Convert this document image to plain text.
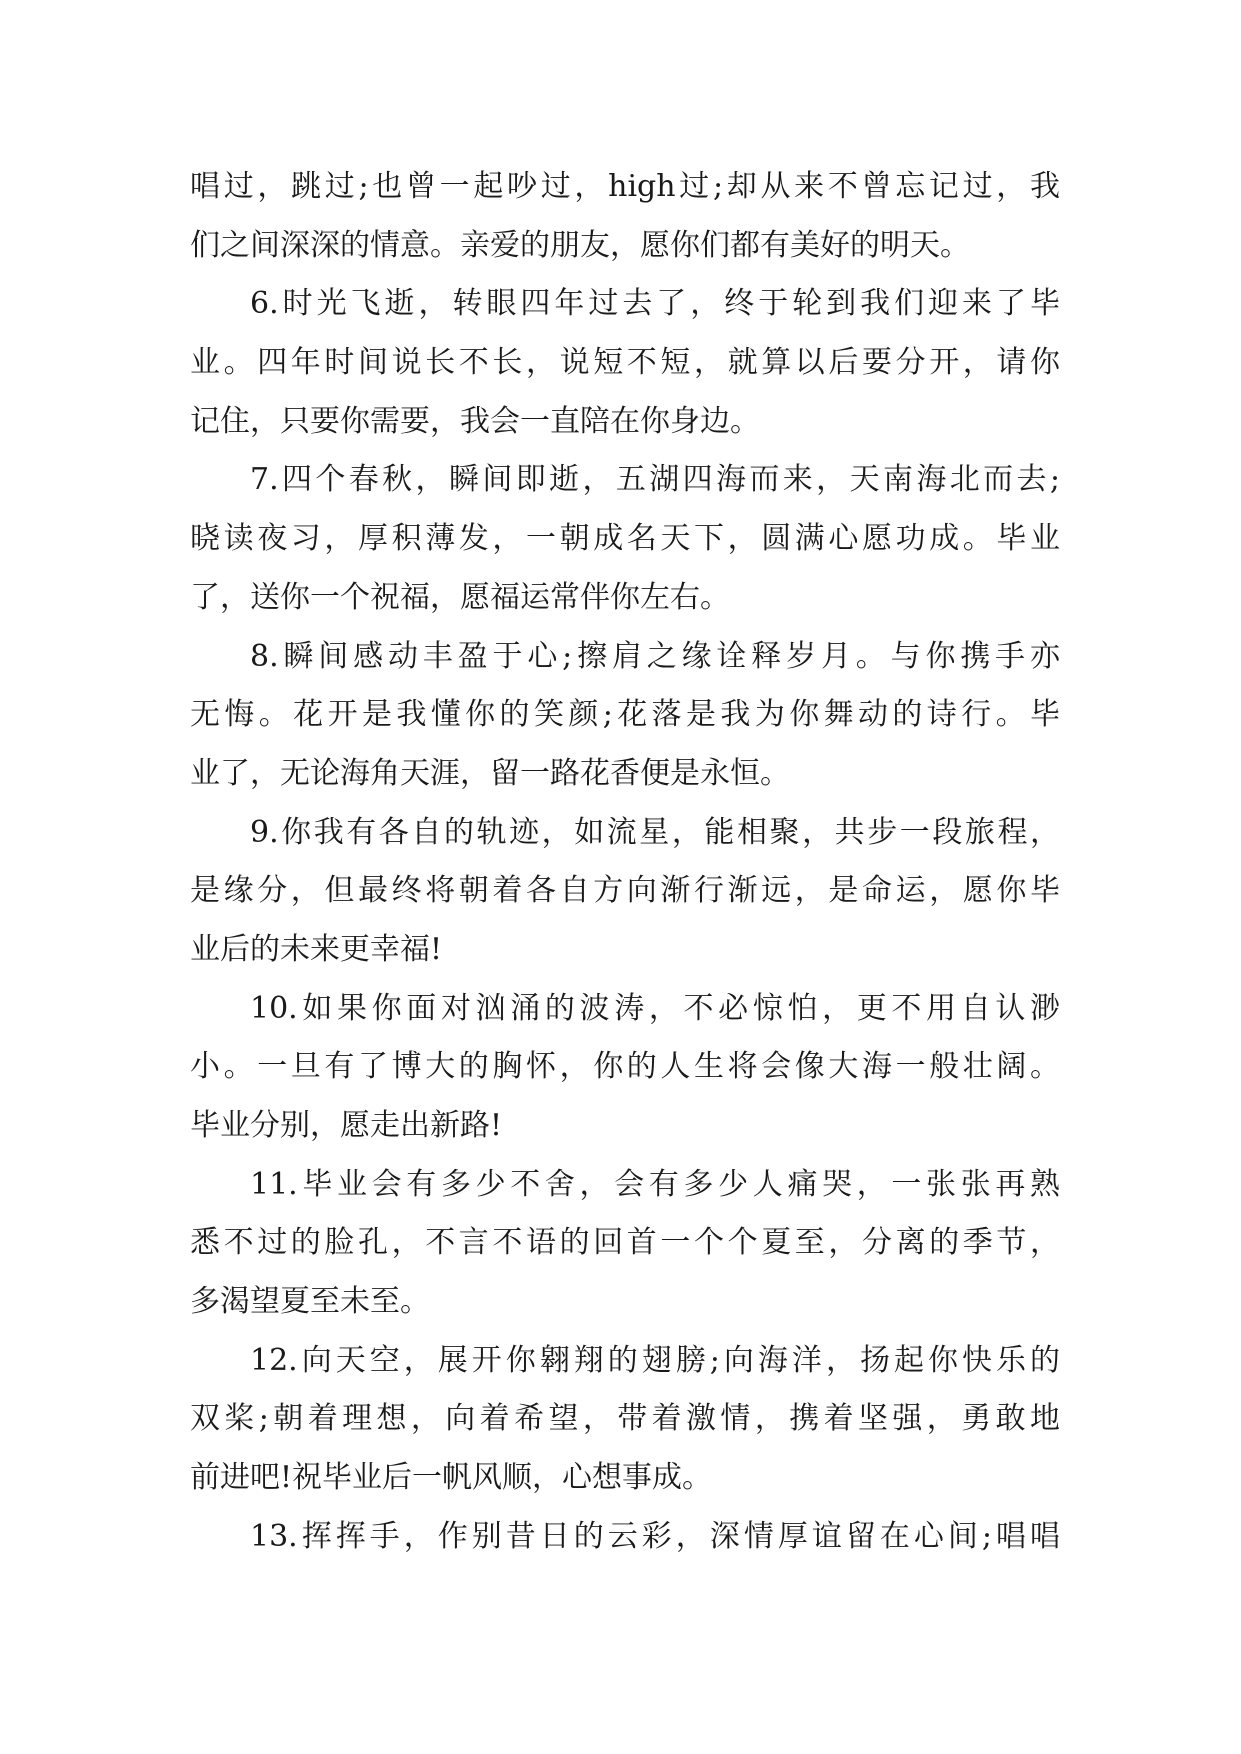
唱过，跳过;也曾一起吵过，high过;却从来不曾忘记过，我
们之间深深的情意。亲爱的朋友，愿你们都有美好的明天。
6.时光飞逝，转眼四年过去了，终于轮到我们迎来了毕
业。四年时间说长不长，说短不短，就算以后要分开，请你
记住，只要你需要，我会一直陪在你身边。
7.四个春秋，瞬间即逝，五湖四海而来，天南海北而去;
晓读夜习，厚积薄发，一朝成名天下，圆满心愿功成。毕业
了，送你一个祝福，愿福运常伴你左右。
8.瞬间感动丰盈于心;擦肩之缘诠释岁月。与你携手亦
无悔。花开是我懂你的笑颜;花落是我为你舞动的诗行。毕
业了，无论海角天涯，留一路花香便是永恒。
9.你我有各自的轨迹，如流星，能相聚，共步一段旅程，
是缘分，但最终将朝着各自方向渐行渐远，是命运，愿你毕
业后的未来更幸福!
10.如果你面对汹涌的波涛，不必惊怕，更不用自认渺
小。一旦有了博大的胸怀，你的人生将会像大海一般壮阔。
毕业分别，愿走出新路!
11.毕业会有多少不舍，会有多少人痛哭，一张张再熟
悉不过的脸孔，不言不语的回首一个个夏至，分离的季节，
多渴望夏至未至。
12.向天空，展开你翱翔的翅膀;向海洋，扬起你快乐的
双桨;朝着理想，向着希望，带着激情，携着坚强，勇敢地
前进吧!祝毕业后一帆风顺，心想事成。
13.挥挥手，作别昔日的云彩，深情厚谊留在心间;唱唱
